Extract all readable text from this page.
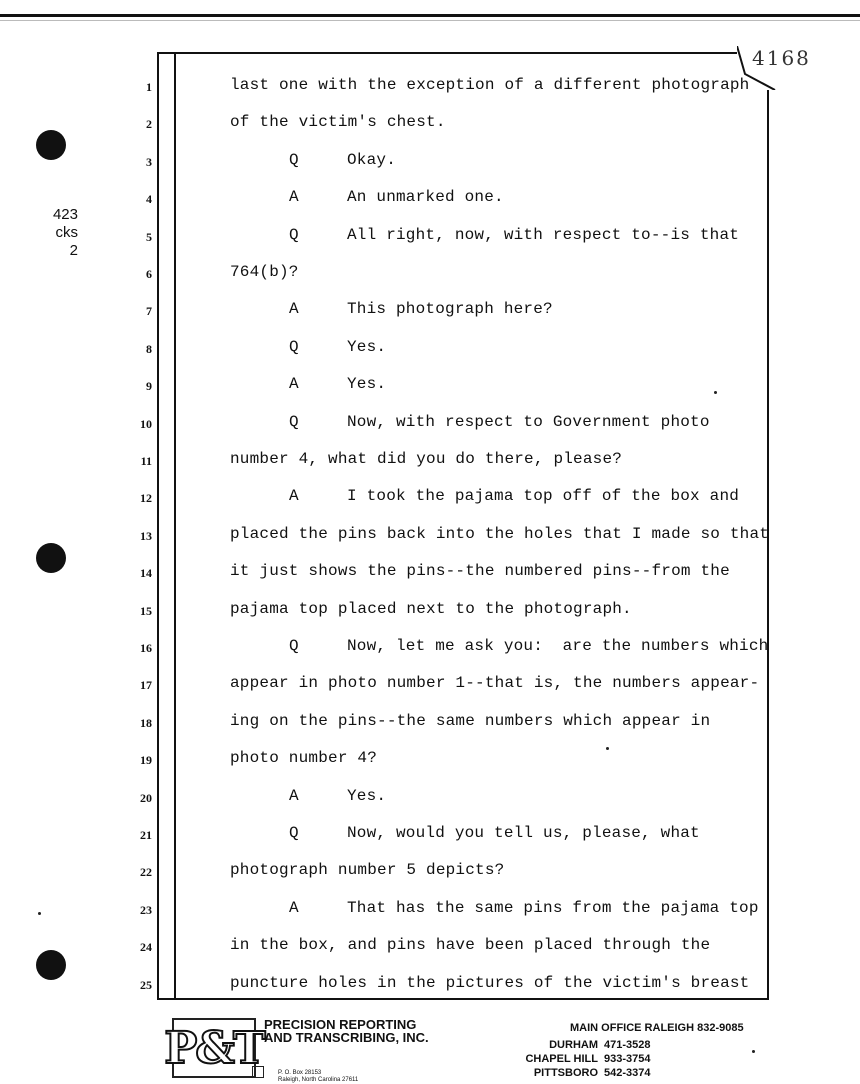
423
cks
2
4168
1	last one with the exception of a different photograph
2	of the victim's chest.
3	Q	Okay.
4	A	An unmarked one.
5	Q	All right, now, with respect to--is that
6	764(b)?
7	A	This photograph here?
8	Q	Yes.
9	A	Yes.
10	Q	Now, with respect to Government photo
11	number 4, what did you do there, please?
12	A	I took the pajama top off of the box and
13	placed the pins back into the holes that I made so that
14	it just shows the pins--the numbered pins--from the
15	pajama top placed next to the photograph.
16	Q	Now, let me ask you:  are the numbers which
17	appear in photo number 1--that is, the numbers appear-
18	ing on the pins--the same numbers which appear in
19	photo number 4?
20	A	Yes.
21	Q	Now, would you tell us, please, what
22	photograph number 5 depicts?
23	A	That has the same pins from the pajama top
24	in the box, and pins have been placed through the
25	puncture holes in the pictures of the victim's breast
P&T PRECISION REPORTING
AND TRANSCRIBING, INC.
P. O. Box 28153
Raleigh, North Carolina 27611
MAIN OFFICE RALEIGH 832-9085
DURHAM 471-3528
CHAPEL HILL 933-3754
PITTSBORO 542-3374
